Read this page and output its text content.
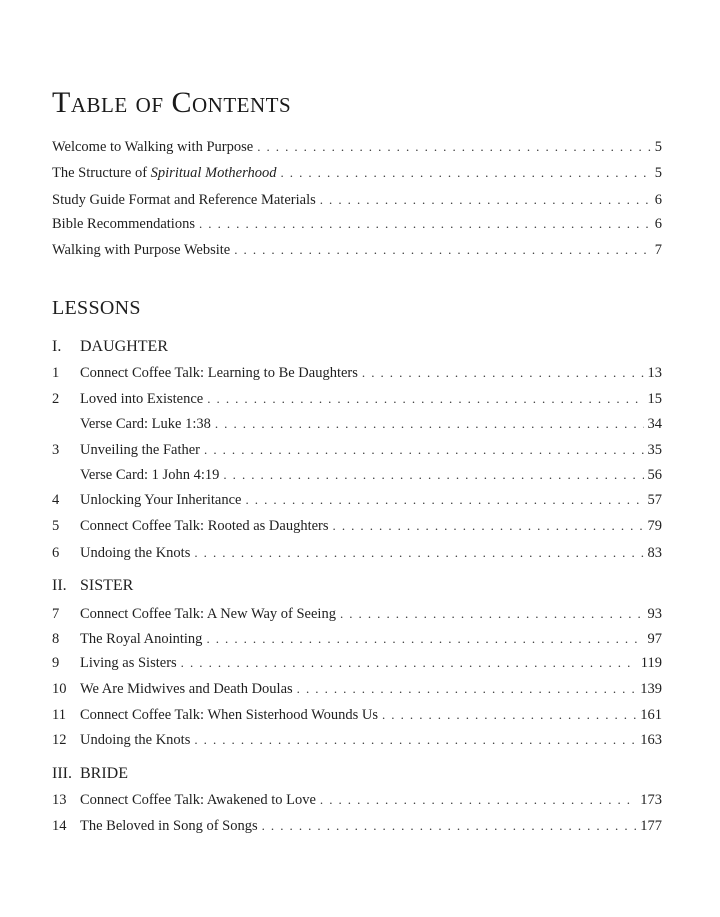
Table of Contents
Welcome to Walking with Purpose . . .	5
The Structure of Spiritual Motherhood . . .	5
Study Guide Format and Reference Materials . . .	6
Bible Recommendations . . .	6
Walking with Purpose Website . . .	7
LESSONS
I.	DAUGHTER
1	Connect Coffee Talk: Learning to Be Daughters . . .	13
2	Loved into Existence . . .	15
Verse Card: Luke 1:38 . . .	34
3	Unveiling the Father . . .	35
Verse Card: 1 John 4:19 . . .	56
4	Unlocking Your Inheritance . . .	57
5	Connect Coffee Talk: Rooted as Daughters . . .	79
6	Undoing the Knots . . .	83
II. SISTER
7	Connect Coffee Talk: A New Way of Seeing . . .	93
8	The Royal Anointing . . .	97
9	Living as Sisters . . .	119
10 We Are Midwives and Death Doulas . . .	139
11 Connect Coffee Talk: When Sisterhood Wounds Us . . .	161
12 Undoing the Knots . . .	163
III. BRIDE
13 Connect Coffee Talk: Awakened to Love . . .	173
14 The Beloved in Song of Songs . . .	177
